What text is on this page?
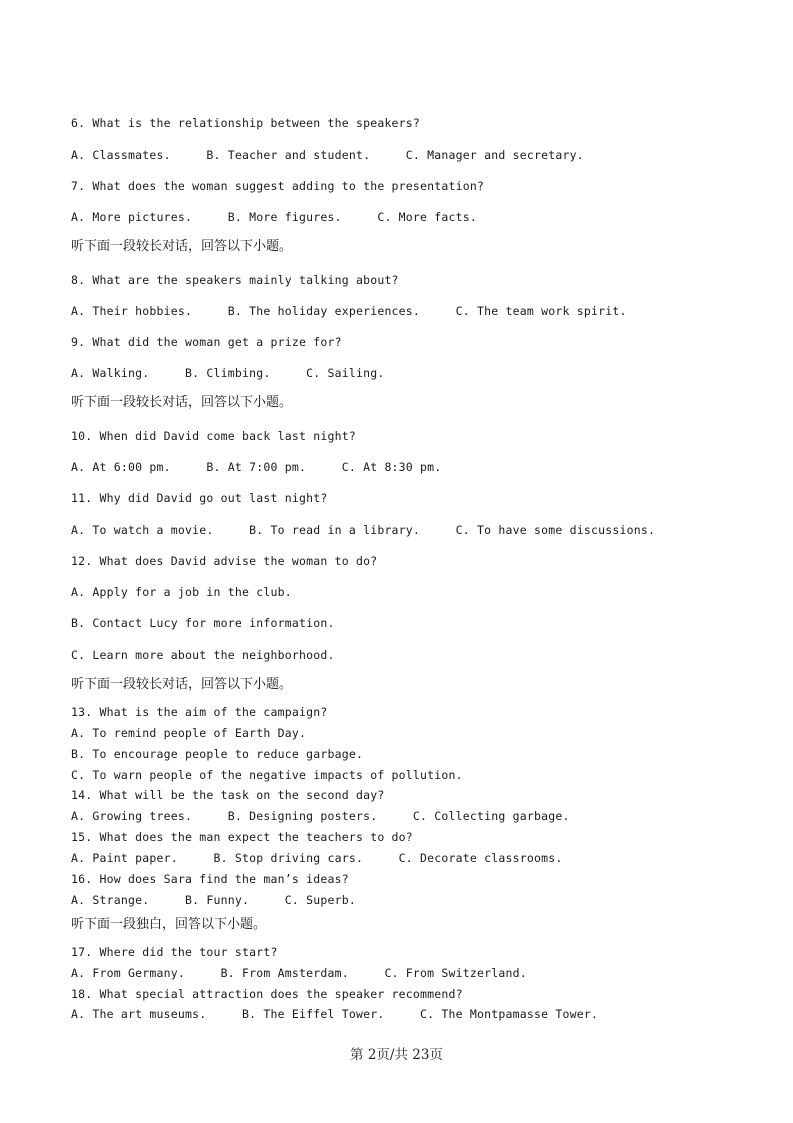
6. What is the relationship between the speakers?
A. Classmates.     B. Teacher and student.     C. Manager and secretary.
7. What does the woman suggest adding to the presentation?
A. More pictures.     B. More figures.     C. More facts.
听下面一段较长对话，回答以下小题。
8. What are the speakers mainly talking about?
A. Their hobbies.     B. The holiday experiences.     C. The team work spirit.
9. What did the woman get a prize for?
A. Walking.     B. Climbing.     C. Sailing.
听下面一段较长对话，回答以下小题。
10. When did David come back last night?
A. At 6:00 pm.     B. At 7:00 pm.     C. At 8:30 pm.
11. Why did David go out last night?
A. To watch a movie.     B. To read in a library.     C. To have some discussions.
12. What does David advise the woman to do?
A. Apply for a job in the club.
B. Contact Lucy for more information.
C. Learn more about the neighborhood.
听下面一段较长对话，回答以下小题。
13. What is the aim of the campaign?
A. To remind people of Earth Day.
B. To encourage people to reduce garbage.
C. To warn people of the negative impacts of pollution.
14. What will be the task on the second day?
A. Growing trees.     B. Designing posters.     C. Collecting garbage.
15. What does the man expect the teachers to do?
A. Paint paper.     B. Stop driving cars.     C. Decorate classrooms.
16. How does Sara find the man’s ideas?
A. Strange.     B. Funny.     C. Superb.
听下面一段独白，回答以下小题。
17. Where did the tour start?
A. From Germany.     B. From Amsterdam.     C. From Switzerland.
18. What special attraction does the speaker recommend?
A. The art museums.     B. The Eiffel Tower.     C. The Montpamasse Tower.
第 2页/共 23页
